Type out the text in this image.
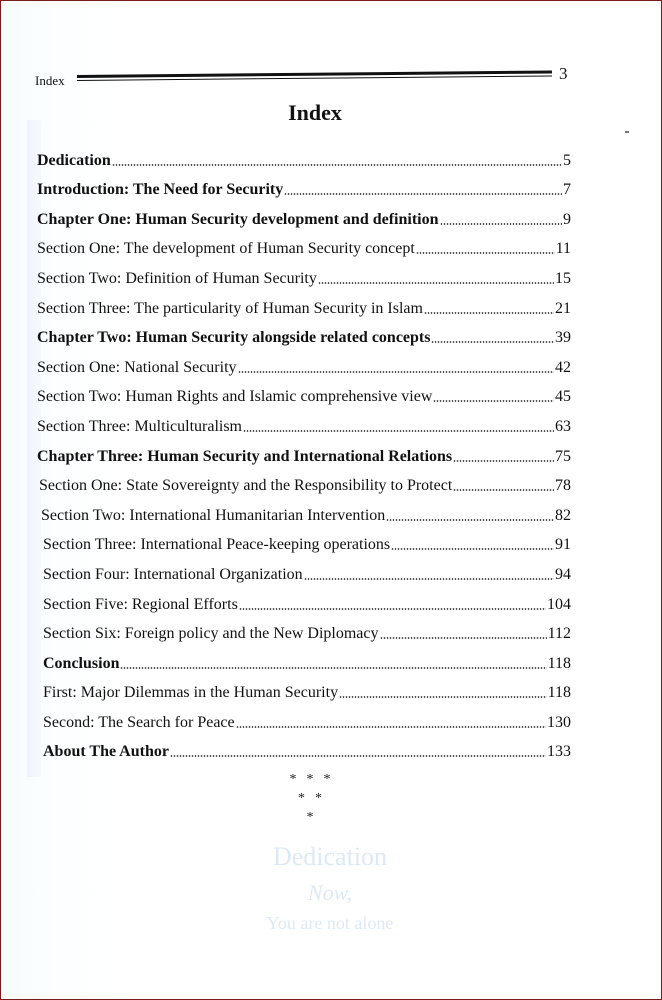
Dedication
Now,
You are not alone
Index	3
Index
Dedication	5
Introduction: The Need for Security	7
Chapter One: Human Security development and definition	9
Section One: The development of Human Security concept	11
Section Two: Definition of Human Security	15
Section Three: The particularity of Human Security in Islam	21
Chapter Two: Human Security alongside related concepts	39
Section One: National Security	42
Section Two: Human Rights and Islamic comprehensive view	45
Section Three: Multiculturalism	63
Chapter Three: Human Security and International Relations	75
Section One: State Sovereignty and the Responsibility to Protect	78
Section Two: International Humanitarian Intervention	82
Section Three: International Peace-keeping operations	91
Section Four: International Organization	94
Section Five: Regional Efforts	104
Section Six: Foreign policy and the New Diplomacy	112
Conclusion	118
First: Major Dilemmas in the Human Security	118
Second: The Search for Peace	130
About The Author	133
***
**
*
